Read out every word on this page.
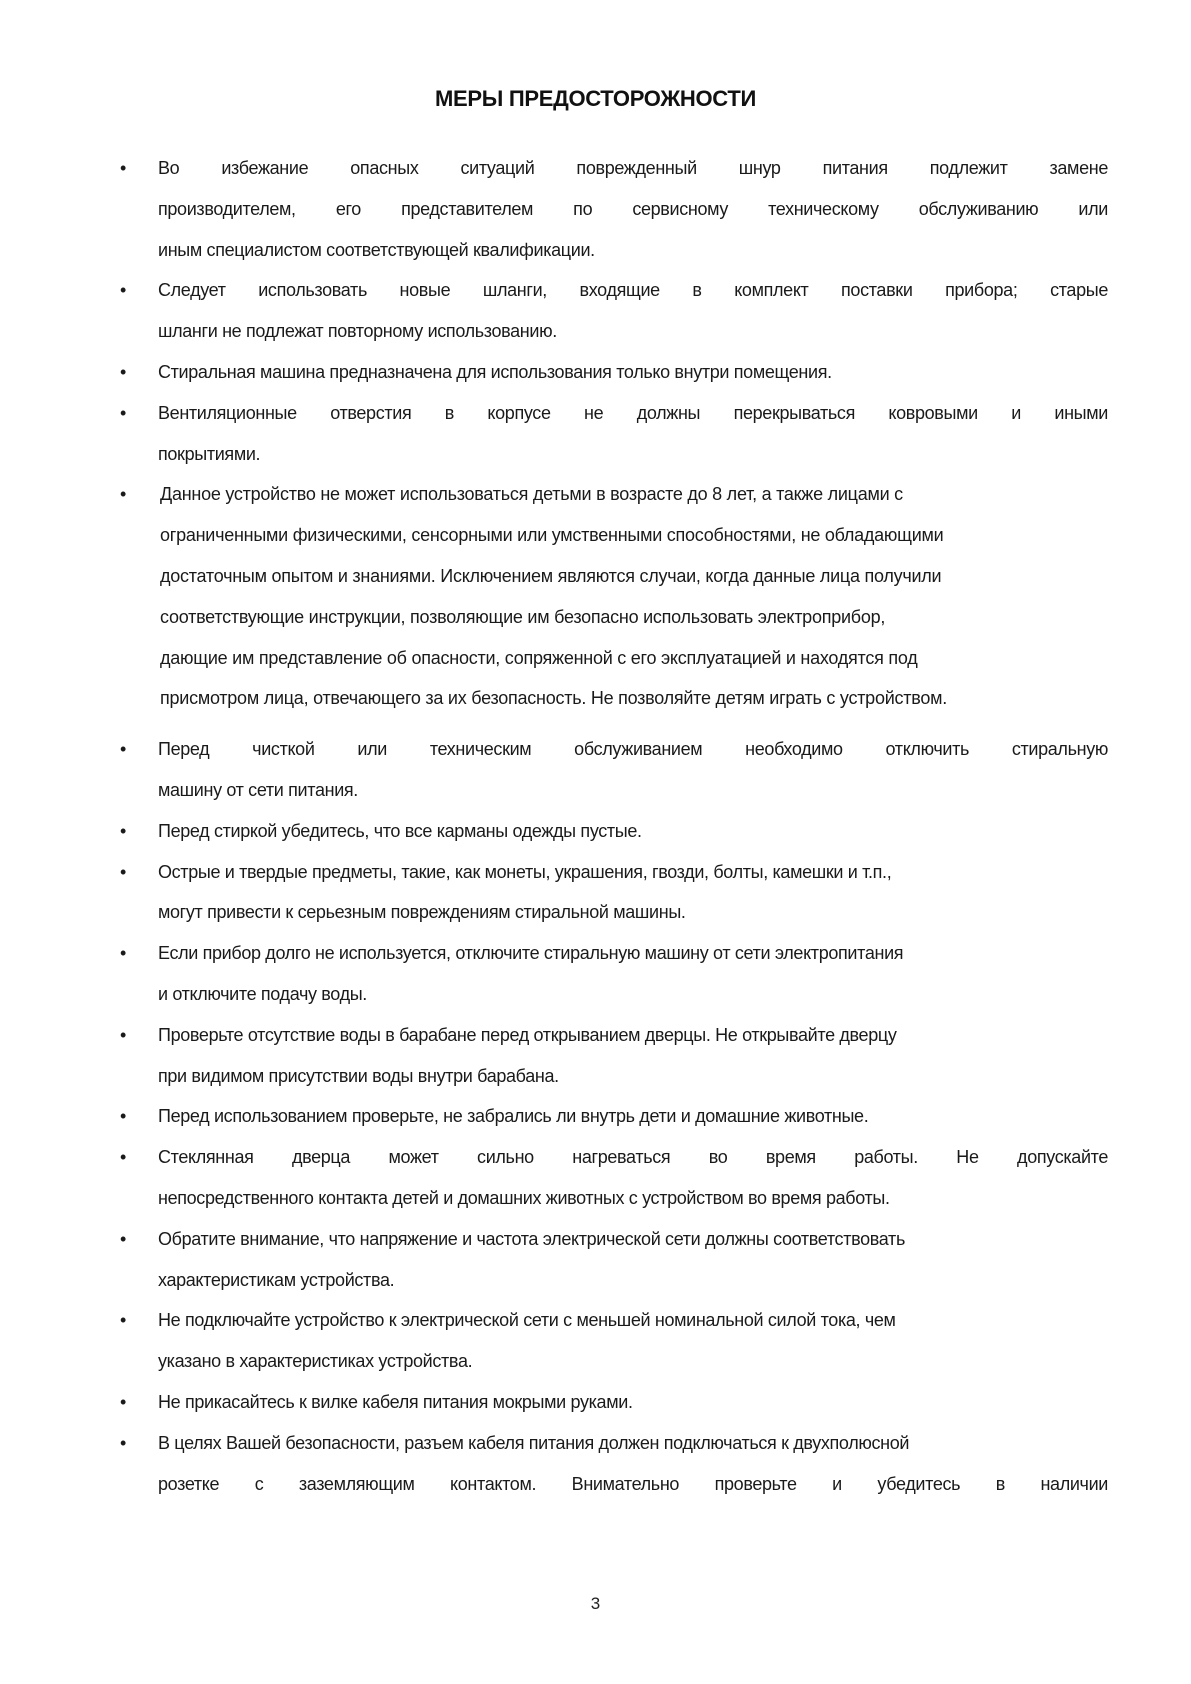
МЕРЫ ПРЕДОСТОРОЖНОСТИ
• Во избежание опасных ситуаций поврежденный шнур питания подлежит замене
производителем, его представителем по сервисному техническому обслуживанию или
иным специалистом соответствующей квалификации.
• Следует использовать новые шланги, входящие в комплект поставки прибора; старые
шланги не подлежат повторному использованию.
• Стиральная машина предназначена для использования только внутри помещения.
• Вентиляционные отверстия в корпусе не должны перекрываться ковровыми и иными
покрытиями.
• Данное устройство не может использоваться детьми в возрасте до 8 лет, а также лицами с
ограниченными физическими, сенсорными или умственными способностями, не обладающими
достаточным опытом и знаниями. Исключением являются случаи, когда данные лица получили
соответствующие инструкции, позволяющие им безопасно использовать электроприбор,
дающие им представление об опасности, сопряженной с его эксплуатацией и находятся под
присмотром лица, отвечающего за их безопасность. Не позволяйте детям играть с устройством.
• Перед чисткой или техническим обслуживанием необходимо отключить стиральную
машину от сети питания.
• Перед стиркой убедитесь, что все карманы одежды пустые.
• Острые и твердые предметы, такие, как монеты, украшения, гвозди, болты, камешки и т.п.,
могут привести к серьезным повреждениям стиральной машины.
• Если прибор долго не используется, отключите стиральную машину от сети электропитания
и отключите подачу воды.
• Проверьте отсутствие воды в барабане перед открыванием дверцы. Не открывайте дверцу
при видимом присутствии воды внутри барабана.
• Перед использованием проверьте, не забрались ли внутрь дети и домашние животные.
• Стеклянная дверца может сильно нагреваться во время работы. Не допускайте
непосредственного контакта детей и домашних животных с устройством во время работы.
• Обратите внимание, что напряжение и частота электрической сети должны соответствовать
характеристикам устройства.
• Не подключайте устройство к электрической сети с меньшей номинальной силой тока, чем
указано в характеристиках устройства.
• Не прикасайтесь к вилке кабеля питания мокрыми руками.
• В целях Вашей безопасности, разъем кабеля питания должен подключаться к двухполюсной
розетке с заземляющим контактом. Внимательно проверьте и убедитесь в наличии
3
